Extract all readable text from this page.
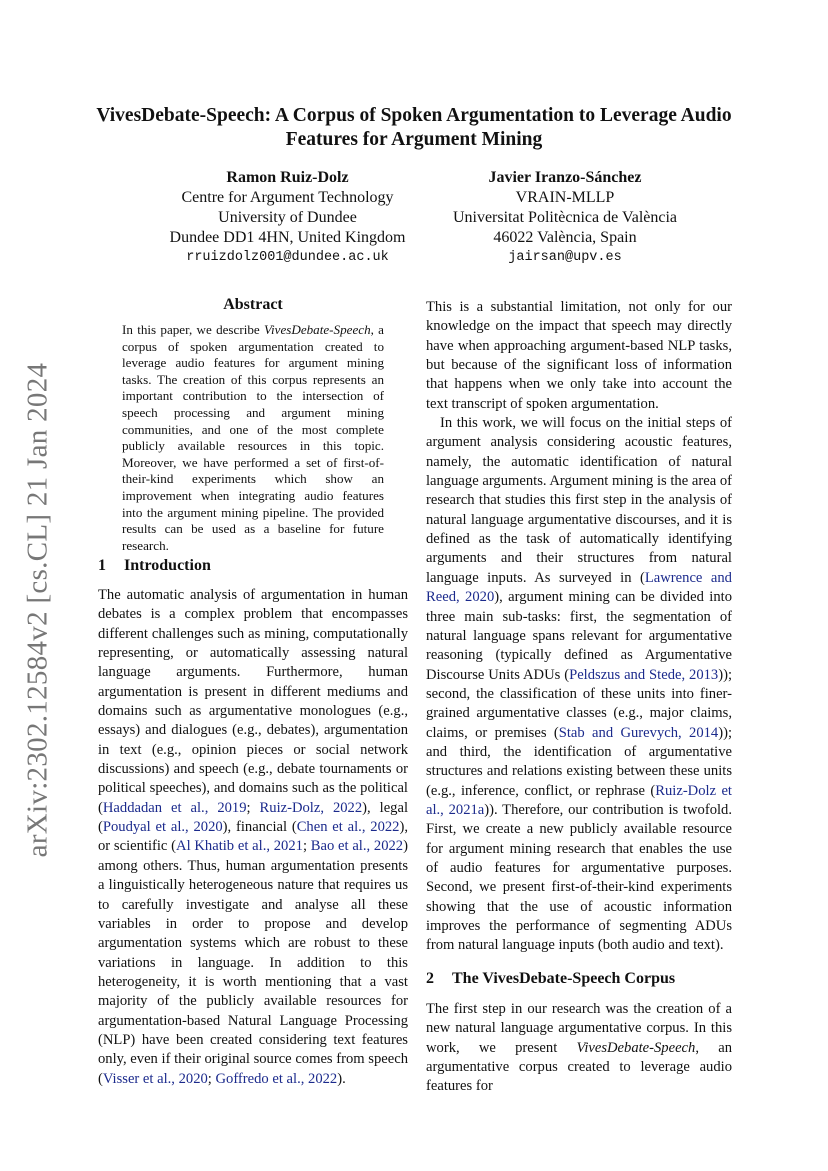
arXiv:2302.12584v2 [cs.CL] 21 Jan 2024
VivesDebate-Speech: A Corpus of Spoken Argumentation to Leverage Audio Features for Argument Mining
Ramon Ruiz-Dolz
Centre for Argument Technology
University of Dundee
Dundee DD1 4HN, United Kingdom
rruizdolz001@dundee.ac.uk
Javier Iranzo-Sánchez
VRAIN-MLLP
Universitat Politècnica de València
46022 València, Spain
jairsan@upv.es
Abstract
In this paper, we describe VivesDebate-Speech, a corpus of spoken argumentation created to leverage audio features for argument mining tasks. The creation of this corpus represents an important contribution to the intersection of speech processing and argument mining communities, and one of the most complete publicly available resources in this topic. Moreover, we have performed a set of first-of-their-kind experiments which show an improvement when integrating audio features into the argument mining pipeline. The provided results can be used as a baseline for future research.
1 Introduction

The automatic analysis of argumentation in human debates is a complex problem that encompasses different challenges such as mining, computationally representing, or automatically assessing natural language arguments. Furthermore, human argumentation is present in different mediums and domains such as argumentative monologues (e.g., essays) and dialogues (e.g., debates), argumentation in text (e.g., opinion pieces or social network discussions) and speech (e.g., debate tournaments or political speeches), and domains such as the political (Haddadan et al., 2019; Ruiz-Dolz, 2022), legal (Poudyal et al., 2020), financial (Chen et al., 2022), or scientific (Al Khatib et al., 2021; Bao et al., 2022) among others. Thus, human argumentation presents a linguistically heterogeneous nature that requires us to carefully investigate and analyse all these variables in order to propose and develop argumentation systems which are robust to these variations in language. In addition to this heterogeneity, it is worth mentioning that a vast majority of the publicly available resources for argumentation-based Natural Language Processing (NLP) have been created considering text features only, even if their original source comes from speech (Visser et al., 2020; Goffredo et al., 2022).

This is a substantial limitation, not only for our knowledge on the impact that speech may directly have when approaching argument-based NLP tasks, but because of the significant loss of information that happens when we only take into account the text transcript of spoken argumentation.

In this work, we will focus on the initial steps of argument analysis considering acoustic features, namely, the automatic identification of natural language arguments. Argument mining is the area of research that studies this first step in the analysis of natural language argumentative discourses, and it is defined as the task of automatically identifying arguments and their structures from natural language inputs. As surveyed in (Lawrence and Reed, 2020), argument mining can be divided into three main sub-tasks: first, the segmentation of natural language spans relevant for argumentative reasoning (typically defined as Argumentative Discourse Units ADUs (Peldszus and Stede, 2013)); second, the classification of these units into finer-grained argumentative classes (e.g., major claims, claims, or premises (Stab and Gurevych, 2014)); and third, the identification of argumentative structures and relations existing between these units (e.g., inference, conflict, or rephrase (Ruiz-Dolz et al., 2021a)). Therefore, our contribution is twofold. First, we create a new publicly available resource for argument mining research that enables the use of audio features for argumentative purposes. Second, we present first-of-their-kind experiments showing that the use of acoustic information improves the performance of segmenting ADUs from natural language inputs (both audio and text).

2 The VivesDebate-Speech Corpus

The first step in our research was the creation of a new natural language argumentative corpus. In this work, we present VivesDebate-Speech, an argumentative corpus created to leverage audio features for
